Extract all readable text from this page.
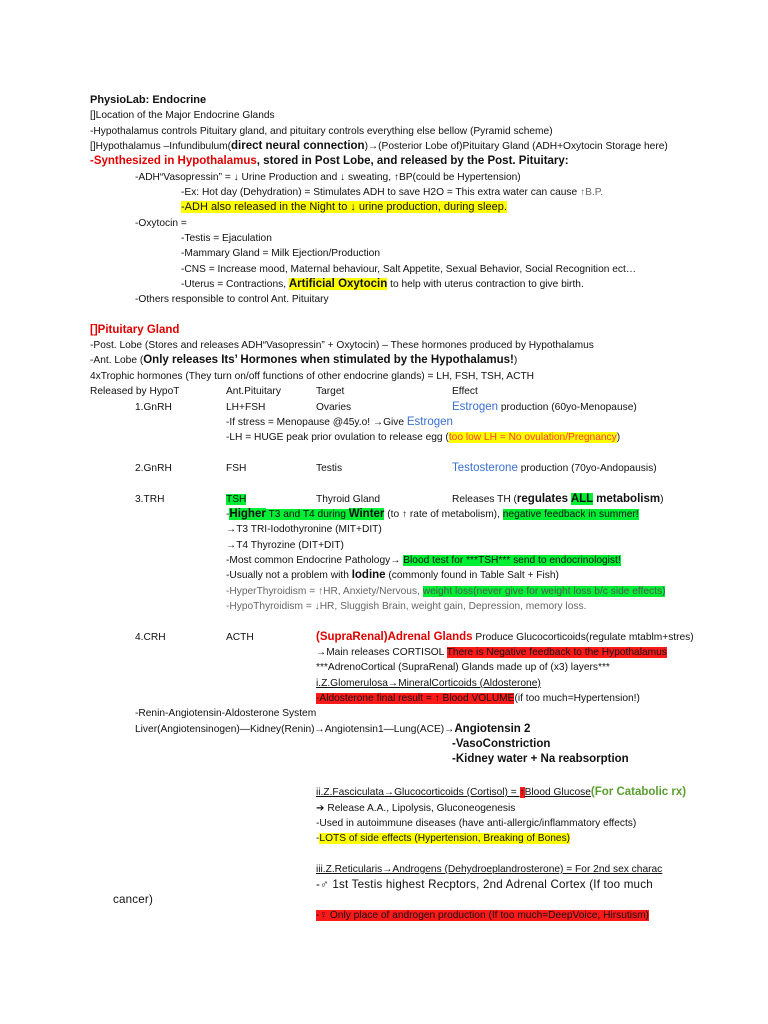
PhysioLab: Endocrine
[]Location of the Major Endocrine Glands
-Hypothalamus controls Pituitary gland, and pituitary controls everything else bellow (Pyramid scheme)
[]Hypothalamus –Infundibulum(direct neural connection)→(Posterior Lobe of)Pituitary Gland (ADH+Oxytocin Storage here)
-Synthesized in Hypothalamus, stored in Post Lobe, and released by the Post. Pituitary:
-ADH“Vasopressin” = ↓ Urine Production and ↓ sweating, ↑BP(could be Hypertension)
-Ex: Hot day (Dehydration) = Stimulates ADH to save H2O = This extra water can cause ↑B.P.
-ADH also released in the Night to ↓ urine production, during sleep.
-Oxytocin =
-Testis = Ejaculation
-Mammary Gland = Milk Ejection/Production
-CNS = Increase mood, Maternal behaviour, Salt Appetite, Sexual Behavior, Social Recognition ect…
-Uterus = Contractions, Artificial Oxytocin to help with uterus contraction to give birth.
-Others responsible to control Ant. Pituitary
[]Pituitary Gland
-Post. Lobe (Stores and releases ADH“Vasopressin” + Oxytocin) – These hormones produced by Hypothalamus
-Ant. Lobe (Only releases Its’ Hormones when stimulated by the Hypothalamus!)
4xTrophic hormones (They turn on/off functions of other endocrine glands) = LH, FSH, TSH, ACTH
Released by HypoT	Ant.Pituitary	Target	Effect
1.GnRH	LH+FSH	Ovaries	Estrogen production (60yo-Menopause)
-If stress = Menopause @45y.o! →Give Estrogen
-LH = HUGE peak prior ovulation to release egg (too low LH = No ovulation/Pregnancy)
2.GnRH	FSH	Testis	Testosterone production (70yo-Andopausis)
3.TRH	TSH	Thyroid Gland	Releases TH (regulates ALL metabolism)
-Higher T3 and T4 during Winter (to ↑ rate of metabolism), negative feedback in summer!
→T3 TRI-Iodothyronine (MIT+DIT)
→T4 Thyrozine (DIT+DIT)
-Most common Endocrine Pathology→ Blood test for ***TSH*** send to endocrinologist!
-Usually not a problem with Iodine (commonly found in Table Salt + Fish)
-HyperThyroidism = ↑HR, Anxiety/Nervous, weight loss(never give for weight loss b/c side effects)
-HypoThyroidism = ↓HR, Sluggish Brain, weight gain, Depression, memory loss.
4.CRH	ACTH	(SupraRenal)Adrenal Glands Produce Glucocorticoids(regulate mtablm+stres)
→Main releases CORTISOL There is Negative feedback to the Hypothalamus
***AdrenoCortical (SupraRenal) Glands made up of (x3) layers***
i.Z.Glomerulosa→MineralCorticoids (Aldosterone)
-Aldosterone final result = ↑ Blood VOLUME(if too much=Hypertension!)
-Renin-Angiotensin-Aldosterone System
Liver(Angiotensinogen)—Kidney(Renin)→Angiotensin1—Lung(ACE)→Angiotensin 2
-VasoConstriction
-Kidney water + Na reabsorption
ii.Z.Fasciculata→Glucocorticoids (Cortisol) = ↑Blood Glucose(For Catabolic rx)
➔ Release A.A., Lipolysis, Gluconeogenesis
-Used in autoimmune diseases (have anti-allergic/inflammatory effects)
-LOTS of side effects (Hypertension, Breaking of Bones)
iii.Z.Reticularis→Androgens (Dehydroeplandrosterone) = For 2nd sex charac
-♂ 1st Testis highest Recptors, 2nd Adrenal Cortex (If too much
cancer)
-♀ Only place of androgen production (If too much=DeepVoice, Hirsutism)
